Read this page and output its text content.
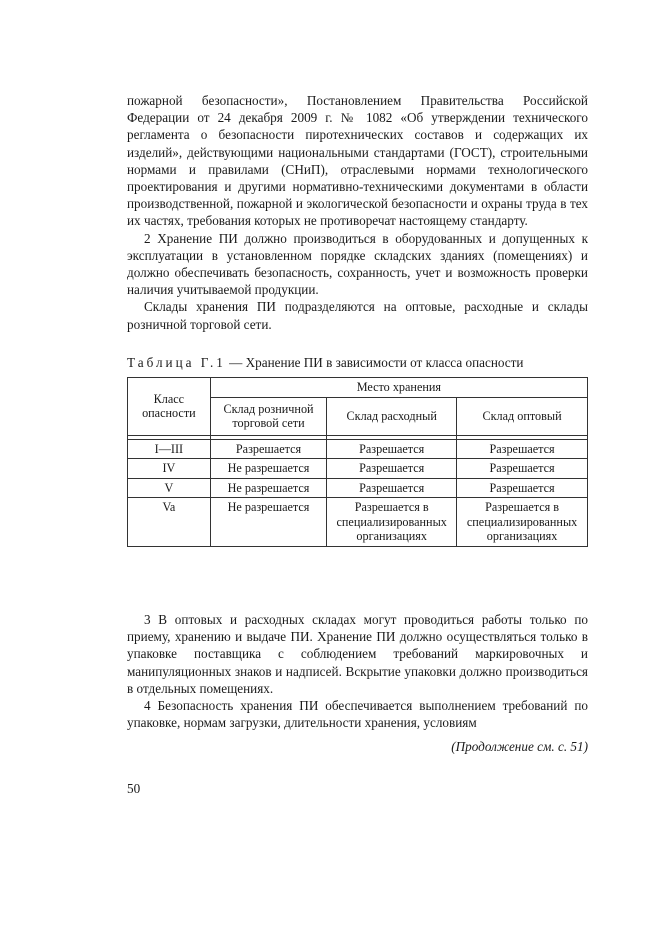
пожарной безопасности», Постановлением Правительства Российской Федерации от 24 декабря 2009 г. № 1082 «Об утверждении технического регламента о безопасности пиротехнических составов и содержащих их изделий», действующими национальными стандартами (ГОСТ), строительными нормами и правилами (СНиП), отраслевыми нормами технологического проектирования и другими нормативно-техническими документами в области производственной, пожарной и экологической безопасности и охраны труда в тех их частях, требования которых не противоречат настоящему стандарту.

2 Хранение ПИ должно производиться в оборудованных и допущенных к эксплуатации в установленном порядке складских зданиях (помещениях) и должно обеспечивать безопасность, сохранность, учет и возможность проверки наличия учитываемой продукции.

Склады хранения ПИ подразделяются на оптовые, расходные и склады розничной торговой сети.

Таблица Г.1 — Хранение ПИ в зависимости от класса опасности
Класс опасности	Место хранения		
	Склад розничной торговой сети	Склад расходный	Склад оптовый

I—III	Разрешается	Разрешается	Разрешается
IV	Не разрешается	Разрешается	Разрешается
V	Не разрешается	Разрешается	Разрешается
Va	Не разрешается	Разрешается в специализированных организациях	Разрешается в специализированных организациях

3 В оптовых и расходных складах могут проводиться работы только по приему, хранению и выдаче ПИ. Хранение ПИ должно осуществляться только в упаковке поставщика с соблюдением требований маркировочных и манипуляционных знаков и надписей. Вскрытие упаковки должно производиться в отдельных помещениях.

4 Безопасность хранения ПИ обеспечивается выполнением требований по упаковке, нормам загрузки, длительности хранения, условиям

(Продолжение см. с. 51)
50
